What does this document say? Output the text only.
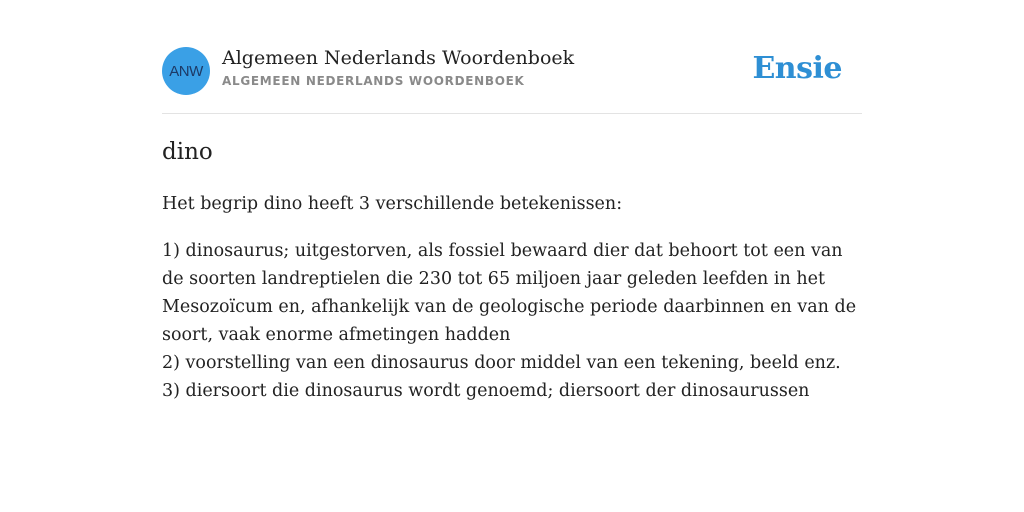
ANW
Algemeen Nederlands Woordenboek
ALGEMEEN NEDERLANDS WOORDENBOEK	Ensie
dino

Het begrip dino heeft 3 verschillende betekenissen:

1) dinosaurus; uitgestorven, als fossiel bewaard dier dat behoort tot een van de soorten landreptielen die 230 tot 65 miljoen jaar geleden leefden in het Mesozoïcum en, afhankelijk van de geologische periode daarbinnen en van de soort, vaak enorme afmetingen hadden
2) voorstelling van een dinosaurus door middel van een tekening, beeld enz.
3) diersoort die dinosaurus wordt genoemd; diersoort der dinosaurussen
